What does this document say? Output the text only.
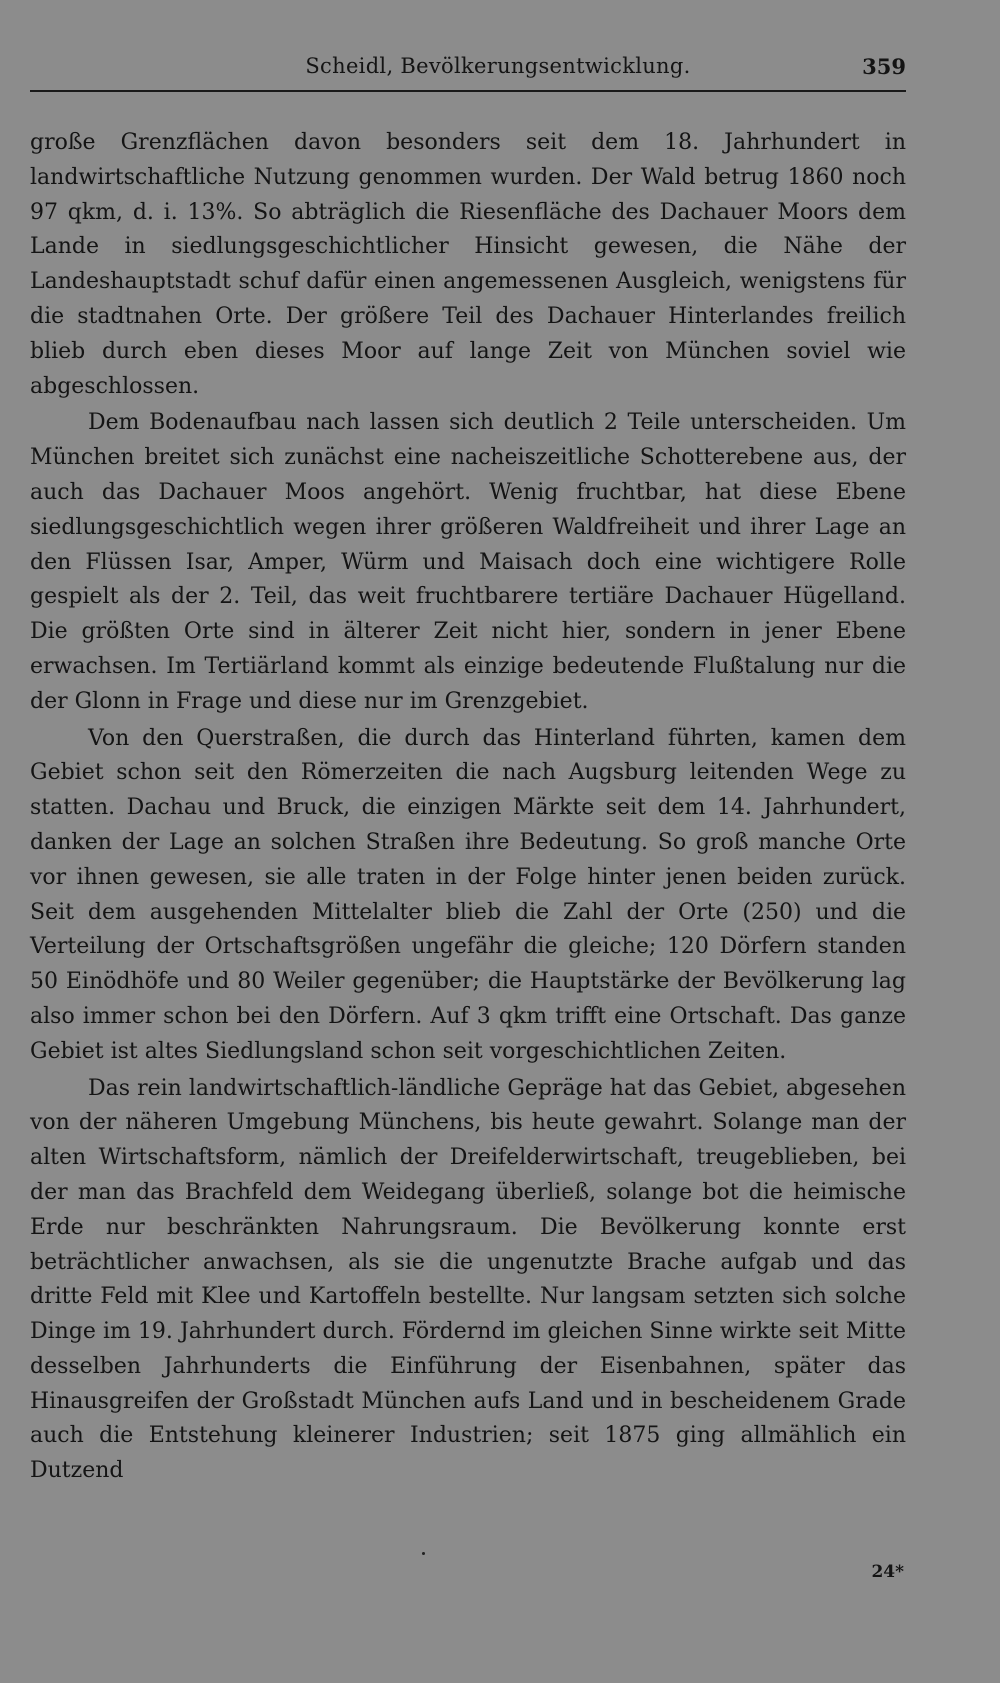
Scheidl, Bevölkerungsentwicklung.	359

große Grenzflächen davon besonders seit dem 18. Jahrhundert in landwirtschaftliche Nutzung genommen wurden. Der Wald betrug 1860 noch 97 qkm, d. i. 13%. So abträglich die Riesenfläche des Dachauer Moors dem Lande in siedlungsgeschichtlicher Hinsicht gewesen, die Nähe der Landeshauptstadt schuf dafür einen angemessenen Ausgleich, wenigstens für die stadtnahen Orte. Der größere Teil des Dachauer Hinterlandes freilich blieb durch eben dieses Moor auf lange Zeit von München soviel wie abgeschlossen.

Dem Bodenaufbau nach lassen sich deutlich 2 Teile unterscheiden. Um München breitet sich zunächst eine nacheiszeitliche Schotterebene aus, der auch das Dachauer Moos angehört. Wenig fruchtbar, hat diese Ebene siedlungsgeschichtlich wegen ihrer größeren Waldfreiheit und ihrer Lage an den Flüssen Isar, Amper, Würm und Maisach doch eine wichtigere Rolle gespielt als der 2. Teil, das weit fruchtbarere tertiäre Dachauer Hügelland. Die größten Orte sind in älterer Zeit nicht hier, sondern in jener Ebene erwachsen. Im Tertiärland kommt als einzige bedeutende Flußtalung nur die der Glonn in Frage und diese nur im Grenzgebiet.

Von den Querstraßen, die durch das Hinterland führten, kamen dem Gebiet schon seit den Römerzeiten die nach Augsburg leitenden Wege zu statten. Dachau und Bruck, die einzigen Märkte seit dem 14. Jahrhundert, danken der Lage an solchen Straßen ihre Bedeutung. So groß manche Orte vor ihnen gewesen, sie alle traten in der Folge hinter jenen beiden zurück. Seit dem ausgehenden Mittelalter blieb die Zahl der Orte (250) und die Verteilung der Ortschaftsgrößen ungefähr die gleiche; 120 Dörfern standen 50 Einödhöfe und 80 Weiler gegenüber; die Hauptstärke der Bevölkerung lag also immer schon bei den Dörfern. Auf 3 qkm trifft eine Ortschaft. Das ganze Gebiet ist altes Siedlungsland schon seit vorgeschichtlichen Zeiten.

Das rein landwirtschaftlich-ländliche Gepräge hat das Gebiet, abgesehen von der näheren Umgebung Münchens, bis heute gewahrt. Solange man der alten Wirtschaftsform, nämlich der Dreifelderwirtschaft, treugeblieben, bei der man das Brachfeld dem Weidegang überließ, solange bot die heimische Erde nur beschränkten Nahrungsraum. Die Bevölkerung konnte erst beträchtlicher anwachsen, als sie die ungenutzte Brache aufgab und das dritte Feld mit Klee und Kartoffeln bestellte. Nur langsam setzten sich solche Dinge im 19. Jahrhundert durch. Fördernd im gleichen Sinne wirkte seit Mitte desselben Jahrhunderts die Einführung der Eisenbahnen, später das Hinausgreifen der Großstadt München aufs Land und in bescheidenem Grade auch die Entstehung kleinerer Industrien; seit 1875 ging allmählich ein Dutzend

24*
